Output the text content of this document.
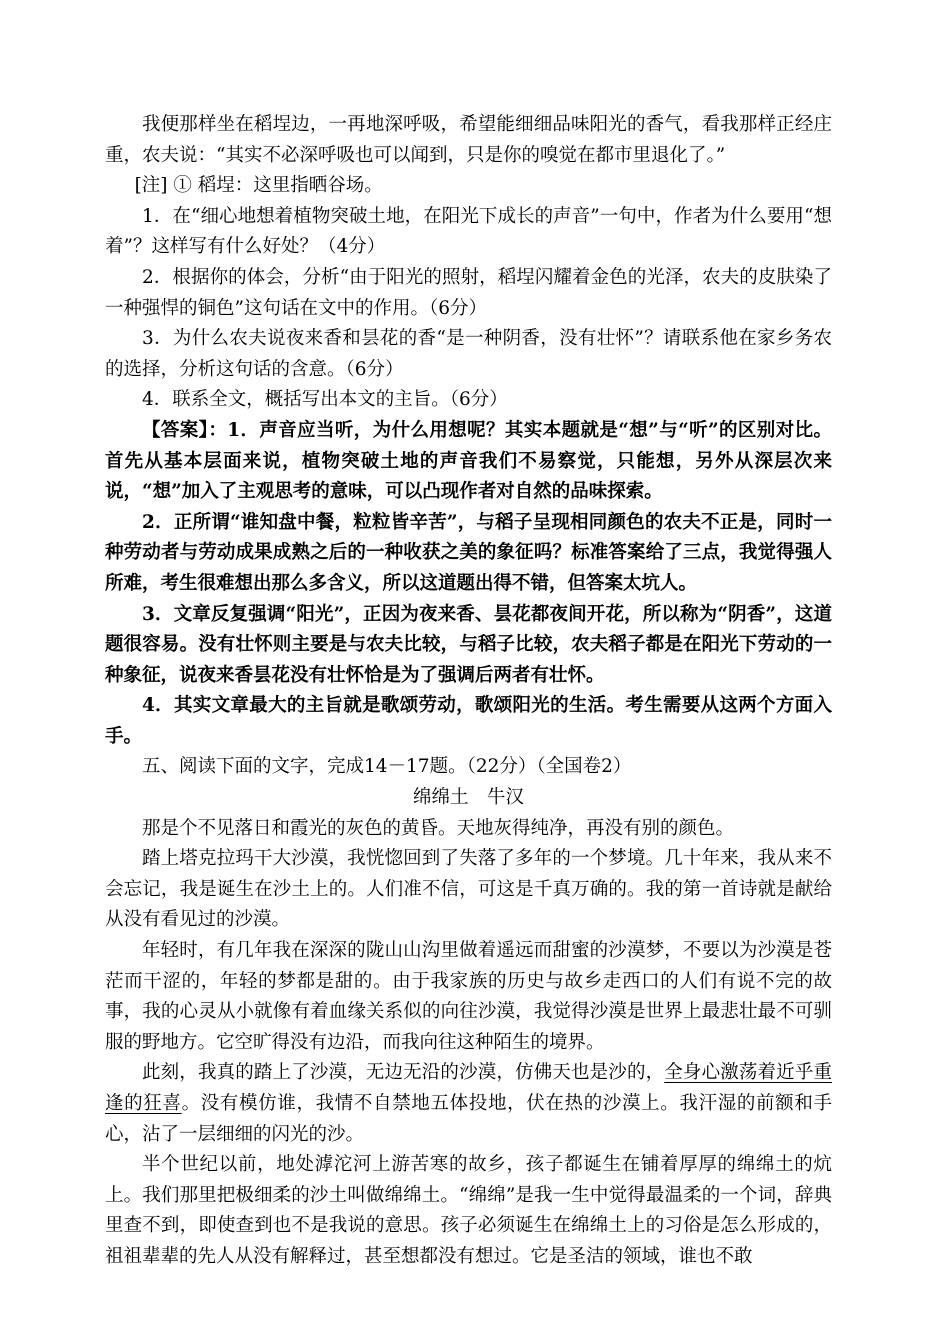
我便那样坐在稻埕边，一再地深呼吸，希望能细细品味阳光的香气，看我那样正经庄重，农夫说：“其实不必深呼吸也可以闻到，只是你的嗅觉在都市里退化了。”

[注] ① 稻埕：这里指晒谷场。

1．在“细心地想着植物突破土地，在阳光下成长的声音”一句中，作者为什么要用“想着”？这样写有什么好处？（4分）

2．根据你的体会，分析“由于阳光的照射，稻埕闪耀着金色的光泽，农夫的皮肤染了一种强悍的铜色”这句话在文中的作用。（6分）

3．为什么农夫说夜来香和昙花的香“是一种阴香，没有壮怀”？请联系他在家乡务农的选择，分析这句话的含意。（6分）

4．联系全文，概括写出本文的主旨。（6分）

【答案】：1．声音应当听，为什么用想呢？其实本题就是“想”与“听”的区别对比。首先从基本层面来说，植物突破土地的声音我们不易察觉，只能想，另外从深层次来说，“想”加入了主观思考的意味，可以凸现作者对自然的品味探索。

2．正所谓“谁知盘中餐，粒粒皆辛苦”，与稻子呈现相同颜色的农夫不正是，同时一种劳动者与劳动成果成熟之后的一种收获之美的象征吗？标准答案给了三点，我觉得强人所难，考生很难想出那么多含义，所以这道题出得不错，但答案太坑人。

3．文章反复强调“阳光”，正因为夜来香、昙花都夜间开花，所以称为“阴香”，这道题很容易。没有壮怀则主要是与农夫比较，与稻子比较，农夫稻子都是在阳光下劳动的一种象征，说夜来香昙花没有壮怀恰是为了强调后两者有壮怀。

4．其实文章最大的主旨就是歌颂劳动，歌颂阳光的生活。考生需要从这两个方面入手。

五、阅读下面的文字，完成14－17题。（22分）（全国卷2）

绵绵土　牛汉

那是个不见落日和霞光的灰色的黄昏。天地灰得纯净，再没有别的颜色。

踏上塔克拉玛干大沙漠，我恍惚回到了失落了多年的一个梦境。几十年来，我从来不会忘记，我是诞生在沙土上的。人们准不信，可这是千真万确的。我的第一首诗就是献给从没有看见过的沙漠。

年轻时，有几年我在深深的陇山山沟里做着遥远而甜蜜的沙漠梦，不要以为沙漠是苍茫而干涩的，年轻的梦都是甜的。由于我家族的历史与故乡走西口的人们有说不完的故事，我的心灵从小就像有着血缘关系似的向往沙漠，我觉得沙漠是世界上最悲壮最不可驯服的野地方。它空旷得没有边沿，而我向往这种陌生的境界。

此刻，我真的踏上了沙漠，无边无沿的沙漠，仿佛天也是沙的，全身心激荡着近乎重逢的狂喜。没有模仿谁，我情不自禁地五体投地，伏在热的沙漠上。我汗湿的前额和手心，沾了一层细细的闪光的沙。

半个世纪以前，地处滹沱河上游苦寒的故乡，孩子都诞生在铺着厚厚的绵绵土的炕上。我们那里把极细柔的沙土叫做绵绵土。“绵绵”是我一生中觉得最温柔的一个词，辞典里查不到，即使查到也不是我说的意思。孩子必须诞生在绵绵土上的习俗是怎么形成的，祖祖辈辈的先人从没有解释过，甚至想都没有想过。它是圣洁的领域，谁也不敢
